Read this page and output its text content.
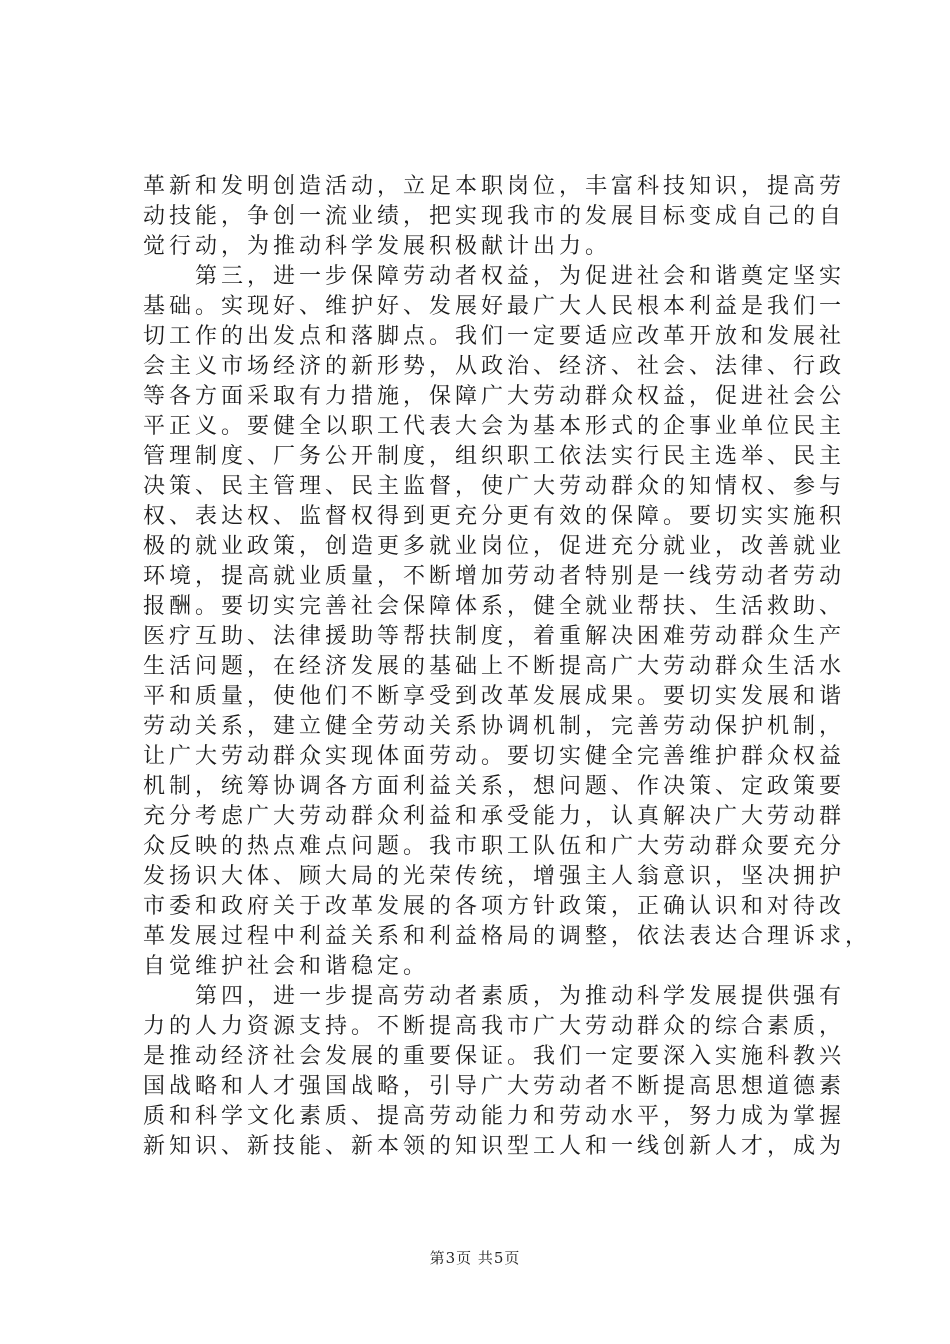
革新和发明创造活动，立足本职岗位，丰富科技知识，提高劳
动技能，争创一流业绩，把实现我市的发展目标变成自己的自
觉行动，为推动科学发展积极献计出力。
　　第三，进一步保障劳动者权益，为促进社会和谐奠定坚实
基础。实现好、维护好、发展好最广大人民根本利益是我们一
切工作的出发点和落脚点。我们一定要适应改革开放和发展社
会主义市场经济的新形势，从政治、经济、社会、法律、行政
等各方面采取有力措施，保障广大劳动群众权益，促进社会公
平正义。要健全以职工代表大会为基本形式的企事业单位民主
管理制度、厂务公开制度，组织职工依法实行民主选举、民主
决策、民主管理、民主监督，使广大劳动群众的知情权、参与
权、表达权、监督权得到更充分更有效的保障。要切实实施积
极的就业政策，创造更多就业岗位，促进充分就业，改善就业
环境，提高就业质量，不断增加劳动者特别是一线劳动者劳动
报酬。要切实完善社会保障体系，健全就业帮扶、生活救助、
医疗互助、法律援助等帮扶制度，着重解决困难劳动群众生产
生活问题，在经济发展的基础上不断提高广大劳动群众生活水
平和质量，使他们不断享受到改革发展成果。要切实发展和谐
劳动关系，建立健全劳动关系协调机制，完善劳动保护机制，
让广大劳动群众实现体面劳动。要切实健全完善维护群众权益
机制，统筹协调各方面利益关系，想问题、作决策、定政策要
充分考虑广大劳动群众利益和承受能力，认真解决广大劳动群
众反映的热点难点问题。我市职工队伍和广大劳动群众要充分
发扬识大体、顾大局的光荣传统，增强主人翁意识，坚决拥护
市委和政府关于改革发展的各项方针政策，正确认识和对待改
革发展过程中利益关系和利益格局的调整，依法表达合理诉求，
自觉维护社会和谐稳定。
　　第四，进一步提高劳动者素质，为推动科学发展提供强有
力的人力资源支持。不断提高我市广大劳动群众的综合素质，
是推动经济社会发展的重要保证。我们一定要深入实施科教兴
国战略和人才强国战略，引导广大劳动者不断提高思想道德素
质和科学文化素质、提高劳动能力和劳动水平，努力成为掌握
新知识、新技能、新本领的知识型工人和一线创新人才，成为
第3页 共5页
